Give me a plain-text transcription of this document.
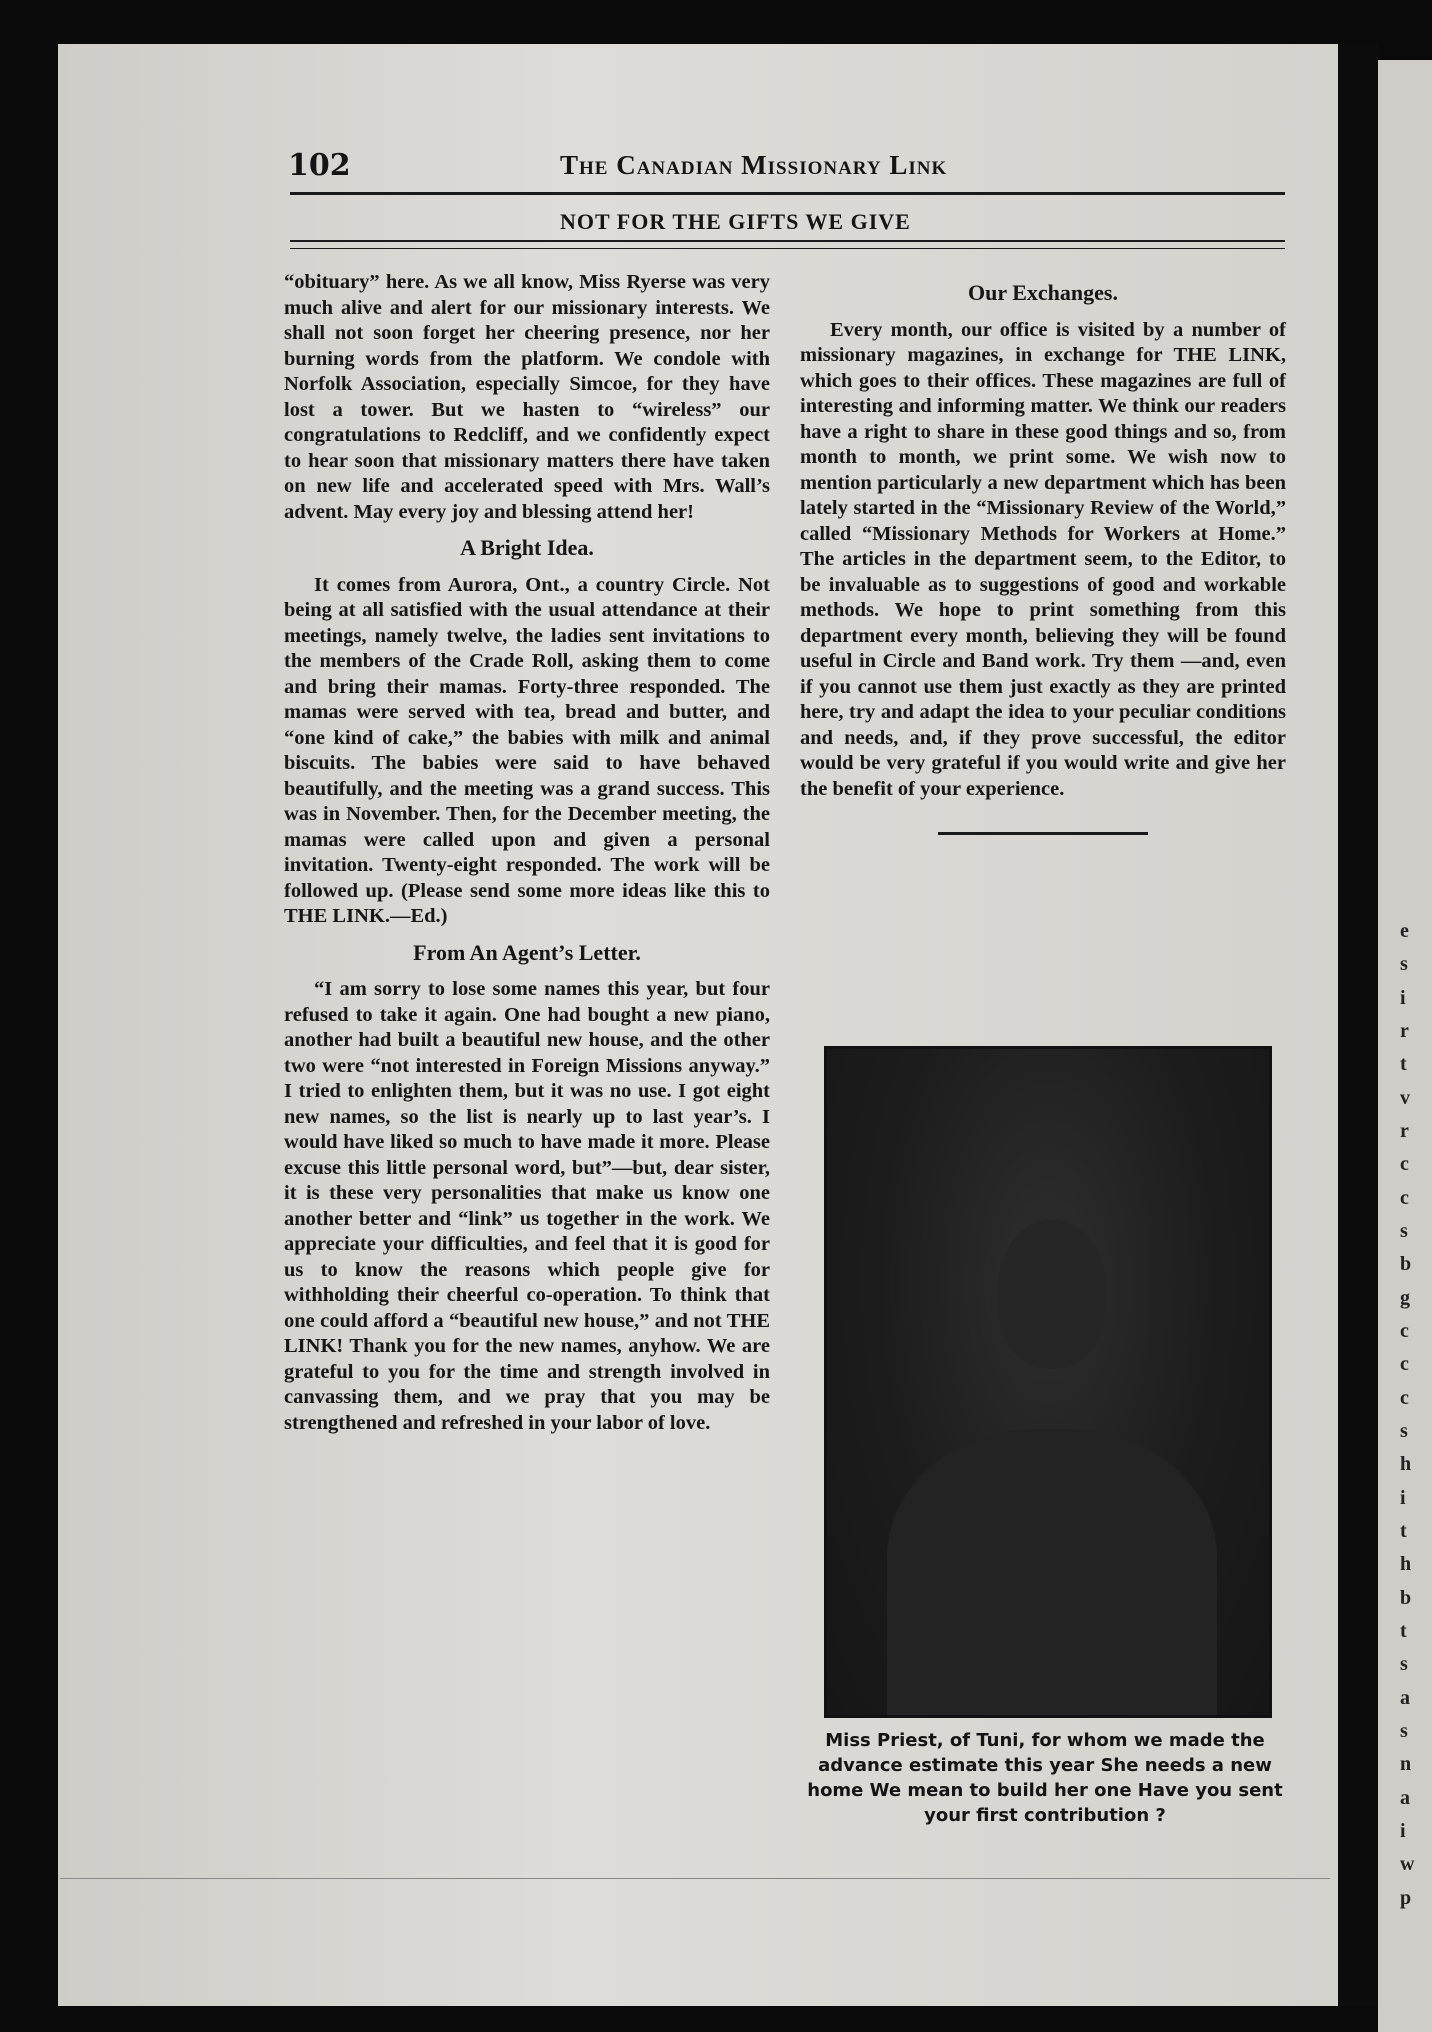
e
s
i
r
t
v
r
c
c
s
b
g
c
c
c
s
h
i
t
h
b
t
s
a
s
n
a
i
w
p
102	The Canadian Missionary Link
NOT FOR THE GIFTS WE GIVE

“obituary” here. As we all know, Miss Ryerse was very much alive and alert for our missionary interests. We shall not soon forget her cheering presence, nor her burning words from the platform. We condole with Norfolk Association, especially Simcoe, for they have lost a tower. But we hasten to “wireless” our congratulations to Redcliff, and we confidently expect to hear soon that missionary matters there have taken on new life and accelerated speed with Mrs. Wall’s advent. May every joy and blessing attend her!

A Bright Idea.

It comes from Aurora, Ont., a country Circle. Not being at all satisfied with the usual attendance at their meetings, namely twelve, the ladies sent invitations to the members of the Crade Roll, asking them to come and bring their mamas. Forty-three responded. The mamas were served with tea, bread and butter, and “one kind of cake,” the babies with milk and animal biscuits. The babies were said to have behaved beautifully, and the meeting was a grand success. This was in November. Then, for the December meeting, the mamas were called upon and given a personal invitation. Twenty-eight responded. The work will be followed up. (Please send some more ideas like this to THE LINK.—Ed.)

From An Agent’s Letter.

“I am sorry to lose some names this year, but four refused to take it again. One had bought a new piano, another had built a beautiful new house, and the other two were “not interested in Foreign Missions anyway.” I tried to enlighten them, but it was no use. I got eight new names, so the list is nearly up to last year’s. I would have liked so much to have made it more. Please excuse this little personal word, but”—but, dear sister, it is these very personalities that make us know one another better and “link” us together in the work. We appreciate your difficulties, and feel that it is good for us to know the reasons which people give for withholding their cheerful co-operation. To think that one could afford a “beautiful new house,” and not THE LINK! Thank you for the new names, anyhow. We are grateful to you for the time and strength involved in canvassing them, and we pray that you may be strengthened and refreshed in your labor of love.

Our Exchanges.

Every month, our office is visited by a number of missionary magazines, in exchange for THE LINK, which goes to their offices. These magazines are full of interesting and informing matter. We think our readers have a right to share in these good things and so, from month to month, we print some. We wish now to mention particularly a new department which has been lately started in the “Missionary Review of the World,” called “Missionary Methods for Workers at Home.” The articles in the department seem, to the Editor, to be invaluable as to suggestions of good and workable methods. We hope to print something from this department every month, believing they will be found useful in Circle and Band work. Try them —and, even if you cannot use them just exactly as they are printed here, try and adapt the idea to your peculiar conditions and needs, and, if they prove successful, the editor would be very grateful if you would write and give her the benefit of your experience.

Miss Priest, of Tuni, for whom we made the advance estimate this year She needs a new home We mean to build her one Have you sent your first contribution ?
